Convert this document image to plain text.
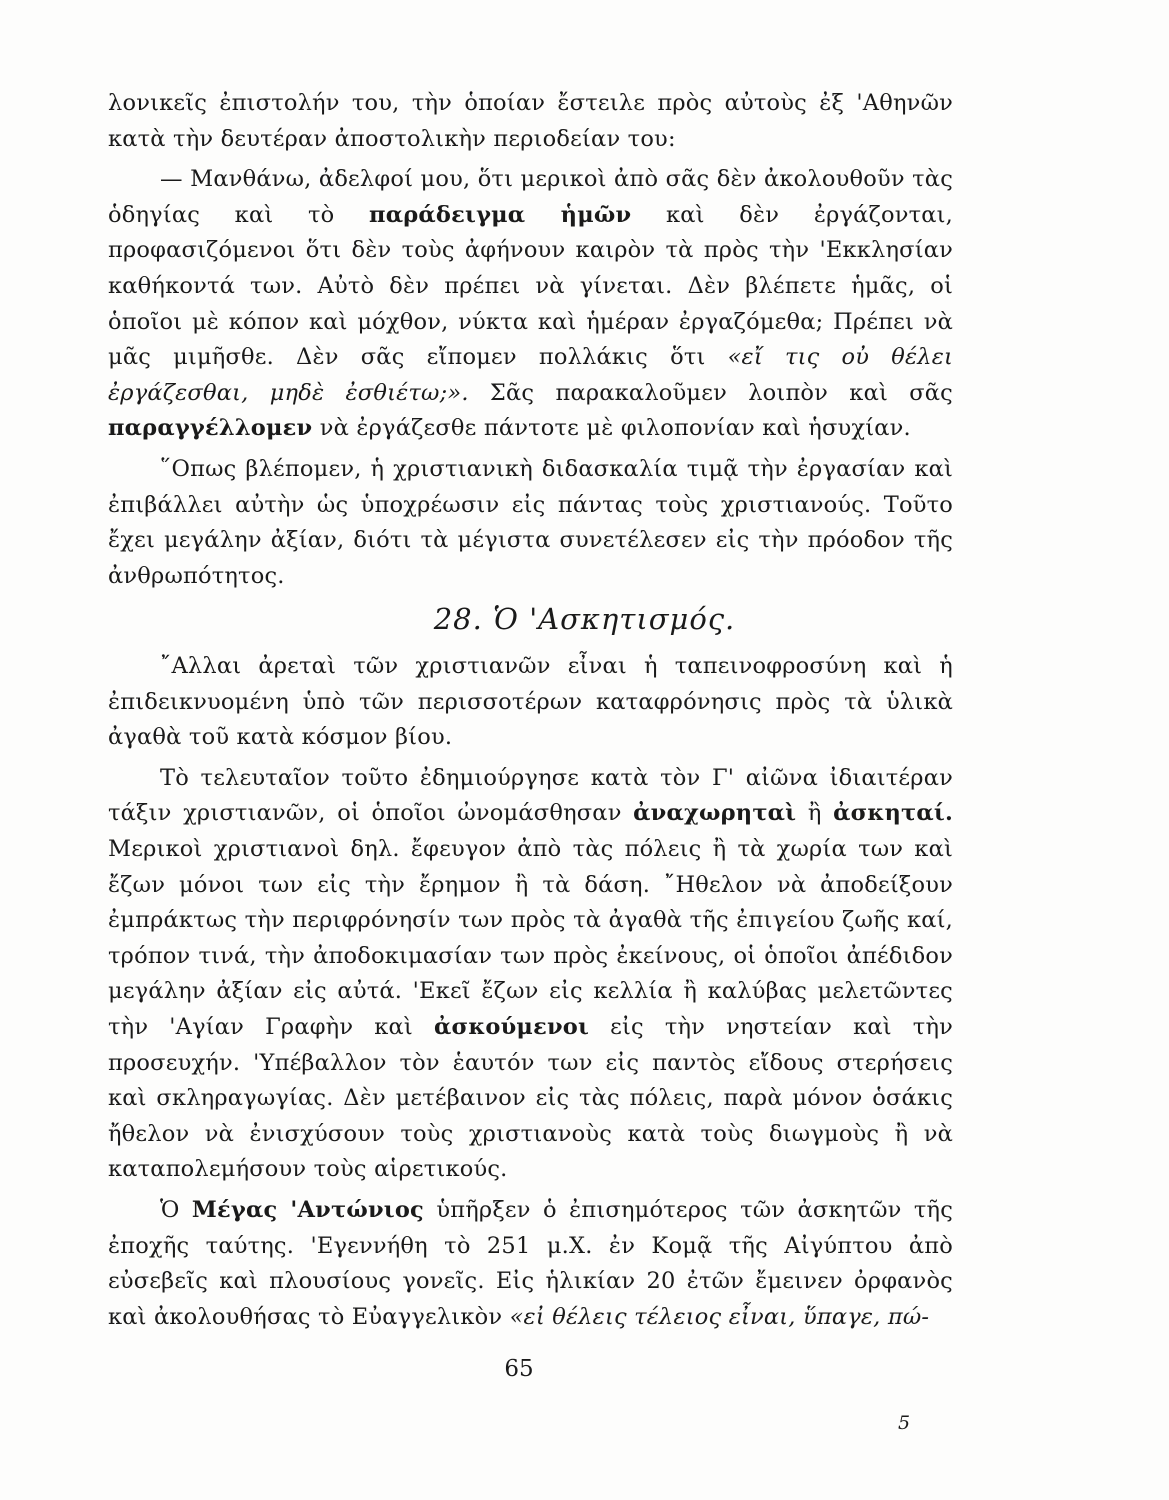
λονικεῖς ἐπιστολήν του, τὴν ὁποίαν ἔστειλε πρὸς αὐτοὺς ἐξ 'Αθηνῶν κατὰ τὴν δευτέραν ἀποστολικὴν περιοδείαν του:

— Μανθάνω, ἀδελφοί μου, ὅτι μερικοὶ ἀπὸ σᾶς δὲν ἀκολουθοῦν τὰς ὁδηγίας καὶ τὸ παράδειγμα ἡμῶν καὶ δὲν ἐργάζονται, προφασιζόμενοι ὅτι δὲν τοὺς ἀφήνουν καιρὸν τὰ πρὸς τὴν 'Εκκλησίαν καθήκοντά των. Αὐτὸ δὲν πρέπει νὰ γίνεται. Δὲν βλέπετε ἡμᾶς, οἱ ὁποῖοι μὲ κόπον καὶ μόχθον, νύκτα καὶ ἡμέραν ἐργαζόμεθα; Πρέπει νὰ μᾶς μιμῆσθε. Δὲν σᾶς εἴπομεν πολλάκις ὅτι «εἴ τις οὐ θέλει ἐργάζεσθαι, μηδὲ ἐσθιέτω;». Σᾶς παρακαλοῦμεν λοιπὸν καὶ σᾶς παραγγέλλομεν νὰ ἐργάζεσθε πάντοτε μὲ φιλοπονίαν καὶ ἡσυχίαν.

῞Οπως βλέπομεν, ἡ χριστιανικὴ διδασκαλία τιμᾷ τὴν ἐργασίαν καὶ ἐπιβάλλει αὐτὴν ὡς ὑποχρέωσιν εἰς πάντας τοὺς χριστιανούς. Τοῦτο ἔχει μεγάλην ἀξίαν, διότι τὰ μέγιστα συνετέλεσεν εἰς τὴν πρόοδον τῆς ἀνθρωπότητος.

28. Ὁ 'Ασκητισμός.

῎Αλλαι ἀρεταὶ τῶν χριστιανῶν εἶναι ἡ ταπεινοφροσύνη καὶ ἡ ἐπιδεικνυομένη ὑπὸ τῶν περισσοτέρων καταφρόνησις πρὸς τὰ ὑλικὰ ἀγαθὰ τοῦ κατὰ κόσμον βίου.

Τὸ τελευταῖον τοῦτο ἐδημιούργησε κατὰ τὸν Γ' αἰῶνα ἰδιαιτέραν τάξιν χριστιανῶν, οἱ ὁποῖοι ὠνομάσθησαν ἀναχωρηταὶ ἢ ἀσκηταί. Μερικοὶ χριστιανοὶ δηλ. ἔφευγον ἀπὸ τὰς πόλεις ἢ τὰ χωρία των καὶ ἔζων μόνοι των εἰς τὴν ἔρημον ἢ τὰ δάση. ῎Ηθελον νὰ ἀποδείξουν ἐμπράκτως τὴν περιφρόνησίν των πρὸς τὰ ἀγαθὰ τῆς ἐπιγείου ζωῆς καί, τρόπον τινά, τὴν ἀποδοκιμασίαν των πρὸς ἐκείνους, οἱ ὁποῖοι ἀπέδιδον μεγάλην ἀξίαν εἰς αὐτά. 'Εκεῖ ἔζων εἰς κελλία ἢ καλύβας μελετῶντες τὴν 'Αγίαν Γραφὴν καὶ ἀσκούμενοι εἰς τὴν νηστείαν καὶ τὴν προσευχήν. 'Υπέβαλλον τὸν ἑαυτόν των εἰς παντὸς εἴδους στερήσεις καὶ σκληραγωγίας. Δὲν μετέβαινον εἰς τὰς πόλεις, παρὰ μόνον ὁσάκις ἤθελον νὰ ἐνισχύσουν τοὺς χριστιανοὺς κατὰ τοὺς διωγμοὺς ἢ νὰ καταπολεμήσουν τοὺς αἱρετικούς.

Ὁ Μέγας 'Αντώνιος ὑπῆρξεν ὁ ἐπισημότερος τῶν ἀσκητῶν τῆς ἐποχῆς ταύτης. 'Εγεννήθη τὸ 251 μ.Χ. ἐν Κομᾷ τῆς Αἰγύπτου ἀπὸ εὐσεβεῖς καὶ πλουσίους γονεῖς. Εἰς ἡλικίαν 20 ἐτῶν ἔμεινεν ὀρφανὸς καὶ ἀκολουθήσας τὸ Εὐαγγελικὸν «εἰ θέλεις τέλειος εἶναι, ὕπαγε, πώ-

65
5
